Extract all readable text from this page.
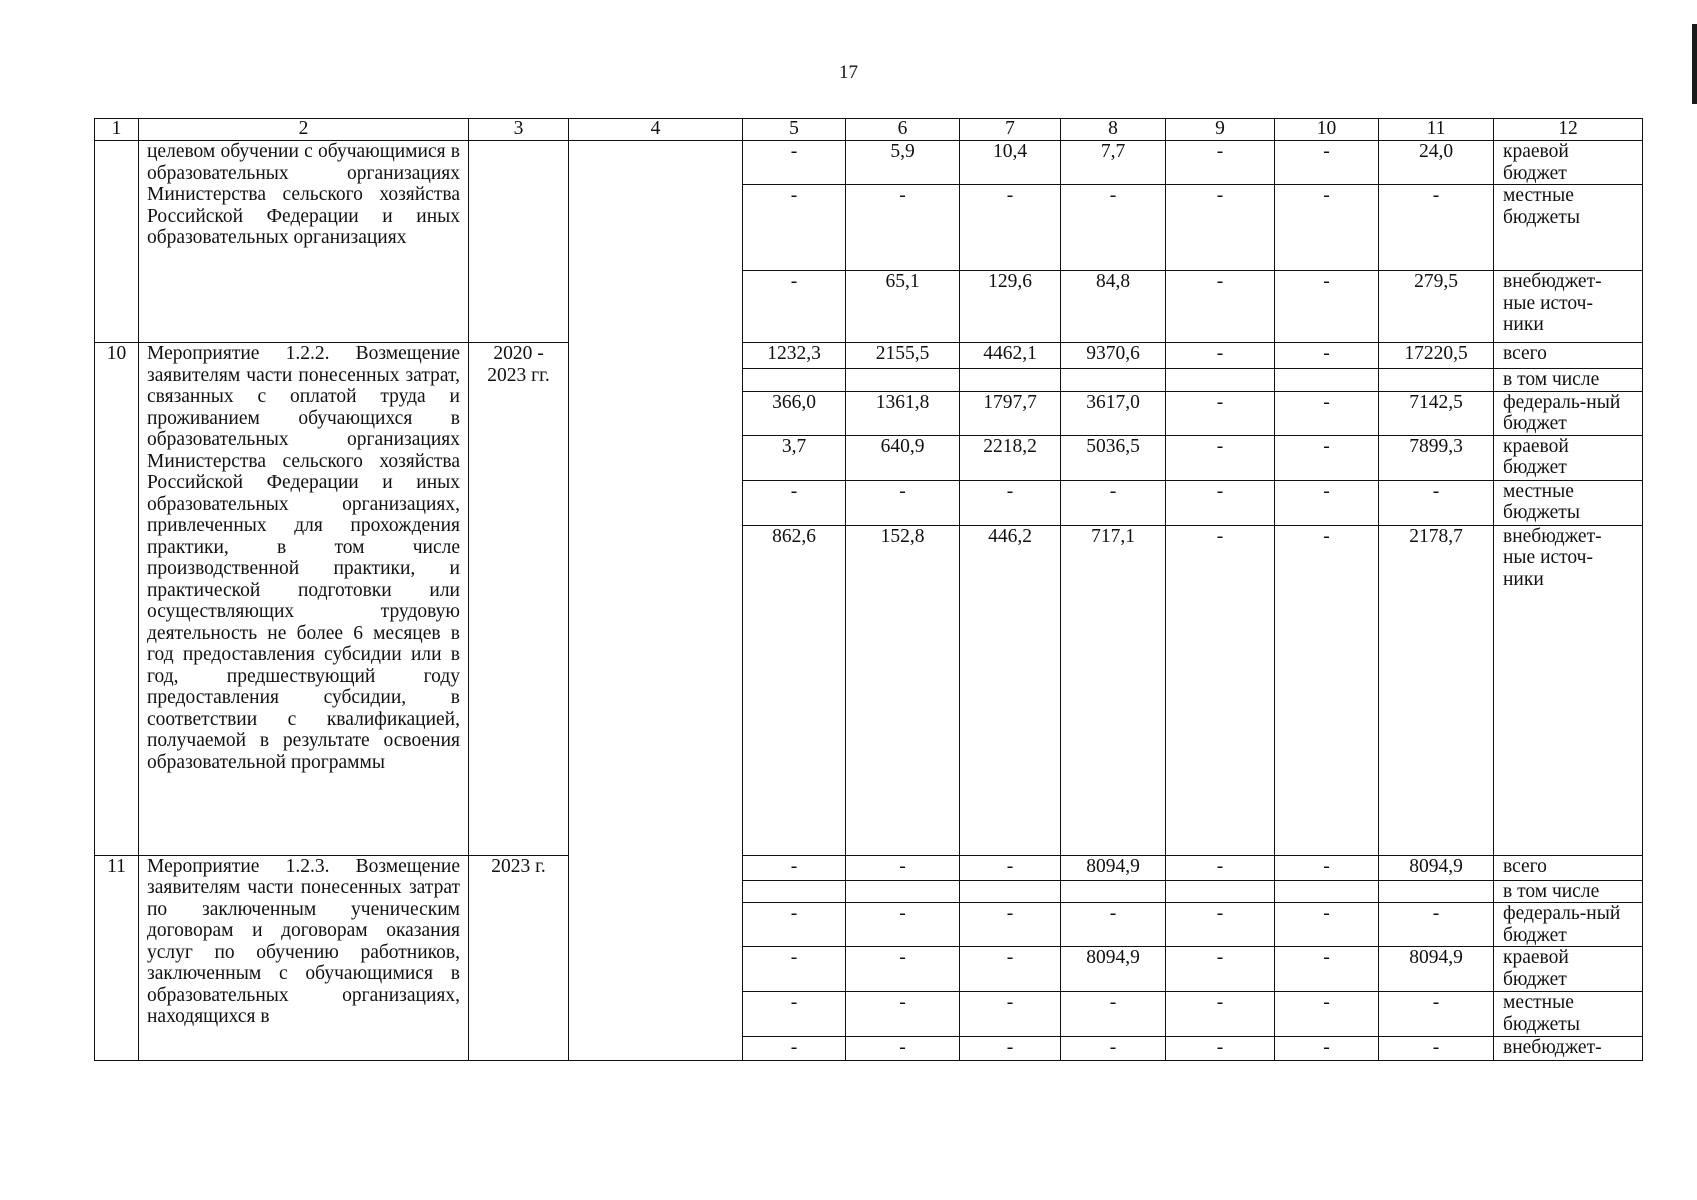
17
1	2	3	4	5	6	7	8	9	10	11	12
	целевом обучении с обучающимися в образовательных организациях Министерства сельского хозяйства Российской Федерации и иных образовательных организациях			-	5,9	10,4	7,7	-	-	24,0	краевой бюджет
				-	-	-	-	-	-	-	местные бюджеты
				-	65,1	129,6	84,8	-	-	279,5	внебюджет-ные источ-ники
10	Мероприятие 1.2.2. Возмещение заявителям части понесенных затрат, связанных с оплатой труда и проживанием обучающихся в образовательных организациях Министерства сельского хозяйства Российской Федерации и иных образовательных организациях, привлеченных для прохождения практики, в том числе производственной практики, и практической подготовки или осуществляющих трудовую деятельность не более 6 месяцев в год предоставления субсидии или в год, предшествующий году предоставления субсидии, в соответствии с квалификацией, получаемой в результате освоения образовательной программы	2020 - 2023 гг.		1232,3	2155,5	4462,1	9370,6	-	-	17220,5	всего
											в том числе
				366,0	1361,8	1797,7	3617,0	-	-	7142,5	федераль-ный бюджет
				3,7	640,9	2218,2	5036,5	-	-	7899,3	краевой бюджет
				-	-	-	-	-	-	-	местные бюджеты
				862,6	152,8	446,2	717,1	-	-	2178,7	внебюджет-ные источ-ники
11	Мероприятие 1.2.3. Возмещение заявителям части понесенных затрат по заключенным ученическим договорам и договорам оказания услуг по обучению работников, заключенным с обучающимися в образовательных организациях, находящихся в	2023 г.		-	-	-	8094,9	-	-	8094,9	всего
											в том числе
				-	-	-	-	-	-	-	федераль-ный бюджет
				-	-	-	8094,9	-	-	8094,9	краевой бюджет
				-	-	-	-	-	-	-	местные бюджеты
				-	-	-	-	-	-	-	внебюджет-
